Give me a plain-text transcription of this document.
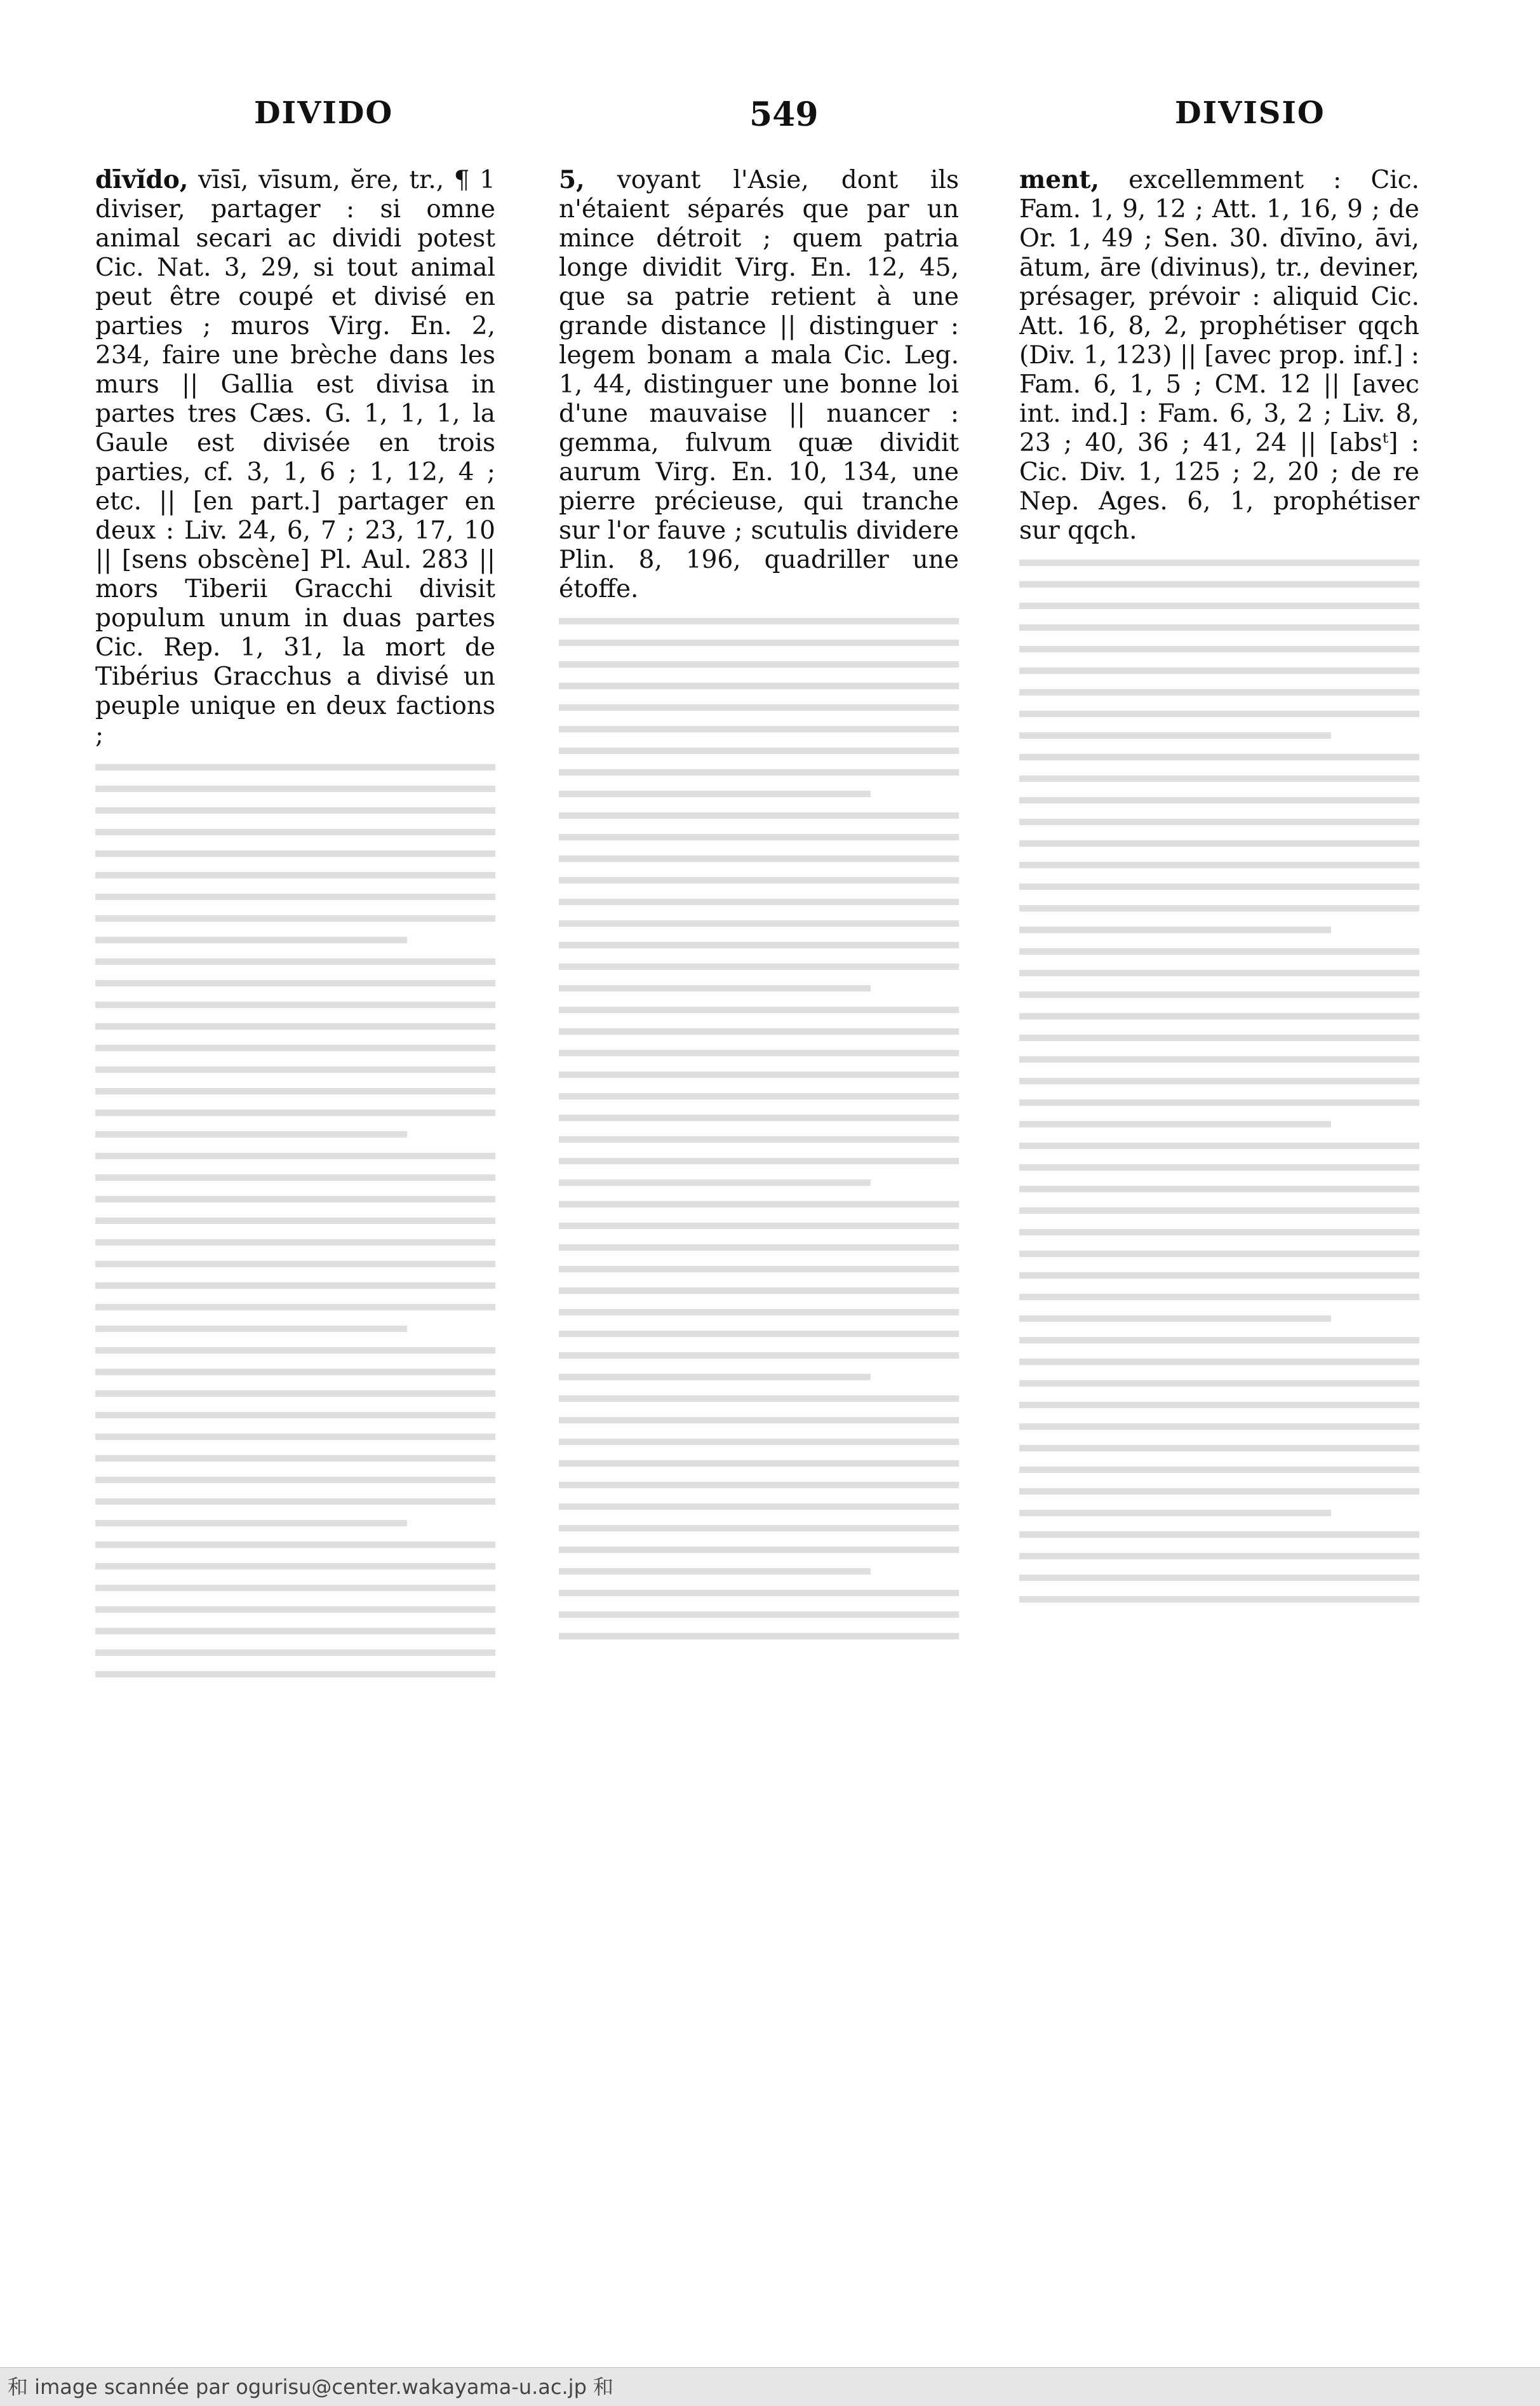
DIVIDO	549	DIVISIO

dīvĭdo, vīsī, vīsum, ĕre, tr., ¶ 1 diviser, partager : si omne animal secari ac dividi potest Cic. Nat. 3, 29, si tout animal peut être coupé et divisé en parties ; muros Virg. En. 2, 234, faire une brèche dans les murs || Gallia est divisa in partes tres Cæs. G. 1, 1, 1, la Gaule est divisée en trois parties, cf. 3, 1, 6 ; 1, 12, 4 ; etc. || [en part.] partager en deux : Liv. 24, 6, 7 ; 23, 17, 10 || [sens obscène] Pl. Aul. 283 || mors Tiberii Gracchi divisit populum unum in duas partes Cic. Rep. 1, 31, la mort de Tibérius Gracchus a divisé un peuple unique en deux factions ;

5, voyant l'Asie, dont ils n'étaient séparés que par un mince détroit ; quem patria longe dividit Virg. En. 12, 45, que sa patrie retient à une grande distance || distinguer : legem bonam a mala Cic. Leg. 1, 44, distinguer une bonne loi d'une mauvaise || nuancer : gemma, fulvum quæ dividit aurum Virg. En. 10, 134, une pierre précieuse, qui tranche sur l'or fauve ; scutulis dividere Plin. 8, 196, quadriller une étoffe.

ment, excellemment : Cic. Fam. 1, 9, 12 ; Att. 1, 16, 9 ; de Or. 1, 49 ; Sen. 30. dīvīno, āvi, ātum, āre (divinus), tr., deviner, présager, prévoir : aliquid Cic. Att. 16, 8, 2, prophétiser qqch (Div. 1, 123) || [avec prop. inf.] : Fam. 6, 1, 5 ; CM. 12 || [avec int. ind.] : Fam. 6, 3, 2 ; Liv. 8, 23 ; 40, 36 ; 41, 24 || [absᵗ] : Cic. Div. 1, 125 ; 2, 20 ; de re Nep. Ages. 6, 1, prophétiser sur qqch.

和 image scannée par ogurisu@center.wakayama-u.ac.jp 和
